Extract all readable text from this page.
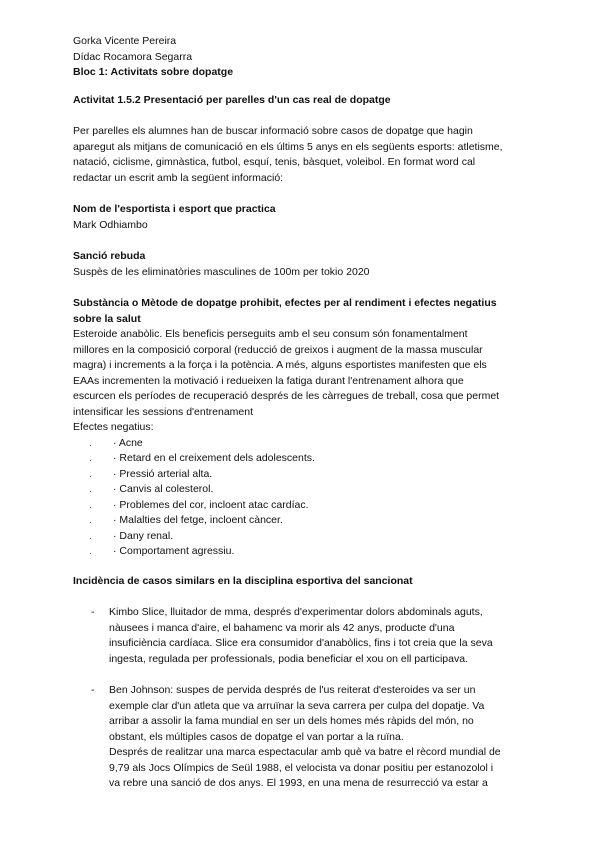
Gorka Vicente Pereira

Dídac Rocamora Segarra

Bloc 1: Activitats sobre dopatge

Activitat 1.5.2 Presentació per parelles d'un cas real de dopatge

Per parelles els alumnes han de buscar informació sobre casos de dopatge que hagin

aparegut als mitjans de comunicació en els últims 5 anys en els següents esports: atletisme,

natació, ciclisme, gimnàstica, futbol, esquí, tenis, bàsquet, voleibol. En format word cal

redactar un escrit amb la següent informació:

Nom de l'esportista i esport que practica

Mark Odhiambo

Sanció rebuda

Suspès de les eliminatòries masculines de 100m per tokio 2020

Substància o Mètode de dopatge prohibit, efectes per al rendiment i efectes negatius

sobre la salut

Esteroide anabòlic. Els beneficis perseguits amb el seu consum són fonamentalment

millores en la composició corporal (reducció de greixos i augment de la massa muscular

magra) i increments a la força i la potència. A més, alguns esportistes manifesten que els

EAAs incrementen la motivació i redueixen la fatiga durant l'entrenament alhora que

escurcen els períodes de recuperació després de les càrregues de treball, cosa que permet

intensificar les sessions d'entrenament

Efectes negatius:

.	· Acne
.	· Retard en el creixement dels adolescents.
.	· Pressió arterial alta.
.	· Canvis al colesterol.
.	· Problemes del cor, incloent atac cardíac.
.	· Malalties del fetge, incloent càncer.
.	· Dany renal.
.	· Comportament agressiu.

Incidència de casos similars en la disciplina esportiva del sancionat

-	Kimbo Slice, lluitador de mma, després d'experimentar dolors abdominals aguts,

nàusees i manca d'aire, el bahamenc va morir als 42 anys, producte d'una

insuficiència cardíaca. Slice era consumidor d'anabòlics, fins i tot creia que la seva

ingesta, regulada per professionals, podia beneficiar el xou on ell participava.

-	Ben Johnson: suspes de pervida després de l'us reiterat d'esteroides va ser un

exemple clar d'un atleta que va arruïnar la seva carrera per culpa del dopatje. Va

arribar a assolir la fama mundial en ser un dels homes més ràpids del món, no

obstant, els múltiples casos de dopatge el van portar a la ruïna.

Després de realitzar una marca espectacular amb què va batre el rècord mundial de

9,79 als Jocs Olímpics de Seül 1988, el velocista va donar positiu per estanozolol i

va rebre una sanció de dos anys. El 1993, en una mena de resurrecció va estar a
